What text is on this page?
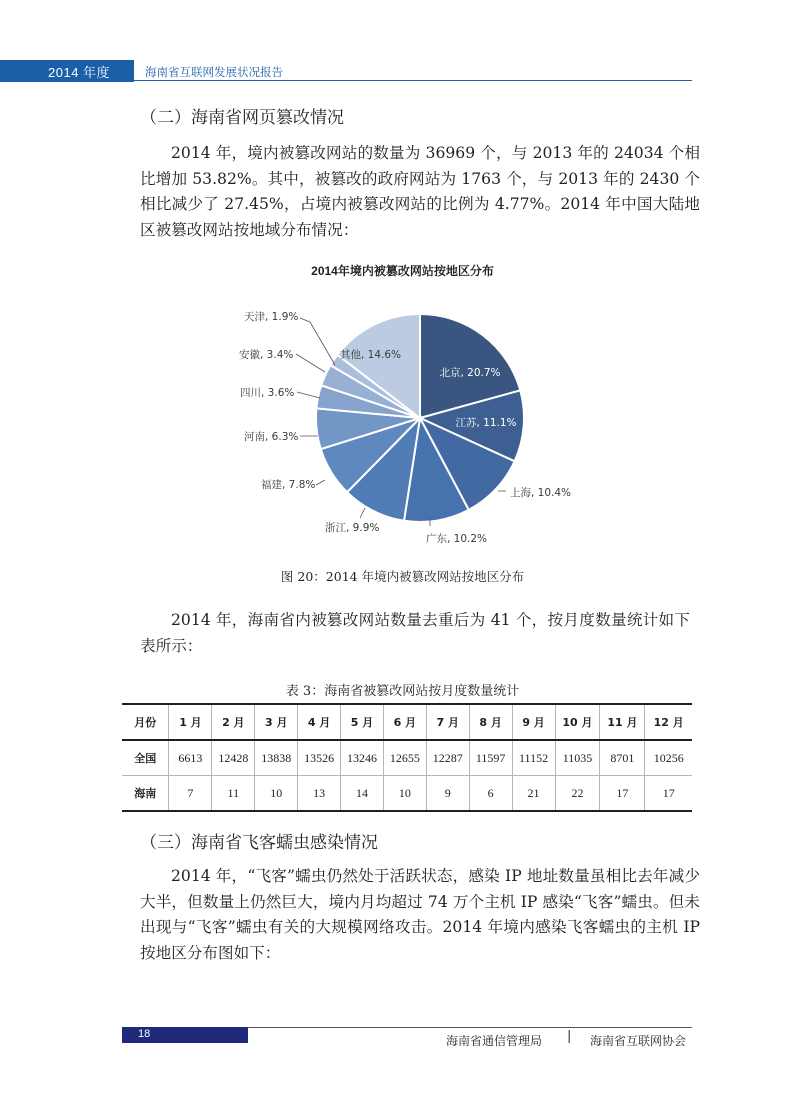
2014 年度	海南省互联网发展状况报告
（二）海南省网页篡改情况

2014 年，境内被篡改网站的数量为 36969 个，与 2013 年的 24034 个相比增加 53.82%。其中，被篡改的政府网站为 1763 个，与 2013 年的 2430 个相比减少了 27.45%，占境内被篡改网站的比例为 4.77%。2014 年中国大陆地区被篡改网站按地域分布情况：

2014年境内被篡改网站按地区分布
北京, 20.7%
江苏, 11.1%
上海, 10.4%
广东, 10.2%
浙江, 9.9%
福建, 7.8%
河南, 6.3%
四川, 3.6%
安徽, 3.4%
天津, 1.9%
其他, 14.6%
图 20：2014 年境内被篡改网站按地区分布

2014 年，海南省内被篡改网站数量去重后为 41 个，按月度数量统计如下表所示：

表 3：海南省被篡改网站按月度数量统计
月份	1 月	2 月	3 月	4 月	5 月	6 月	7 月	8 月	9 月	10 月	11 月	12 月
全国	6613	12428	13838	13526	13246	12655	12287	11597	11152	11035	8701	10256
海南	7	11	10	13	14	10	9	6	21	22	17	17
（三）海南省飞客蠕虫感染情况

2014 年，“飞客”蠕虫仍然处于活跃状态，感染 IP 地址数量虽相比去年减少大半，但数量上仍然巨大，境内月均超过 74 万个主机 IP 感染“飞客”蠕虫。但未出现与“飞客”蠕虫有关的大规模网络攻击。2014 年境内感染飞客蠕虫的主机 IP 按地区分布图如下：

18	海南省通信管理局 | 海南省互联网协会
